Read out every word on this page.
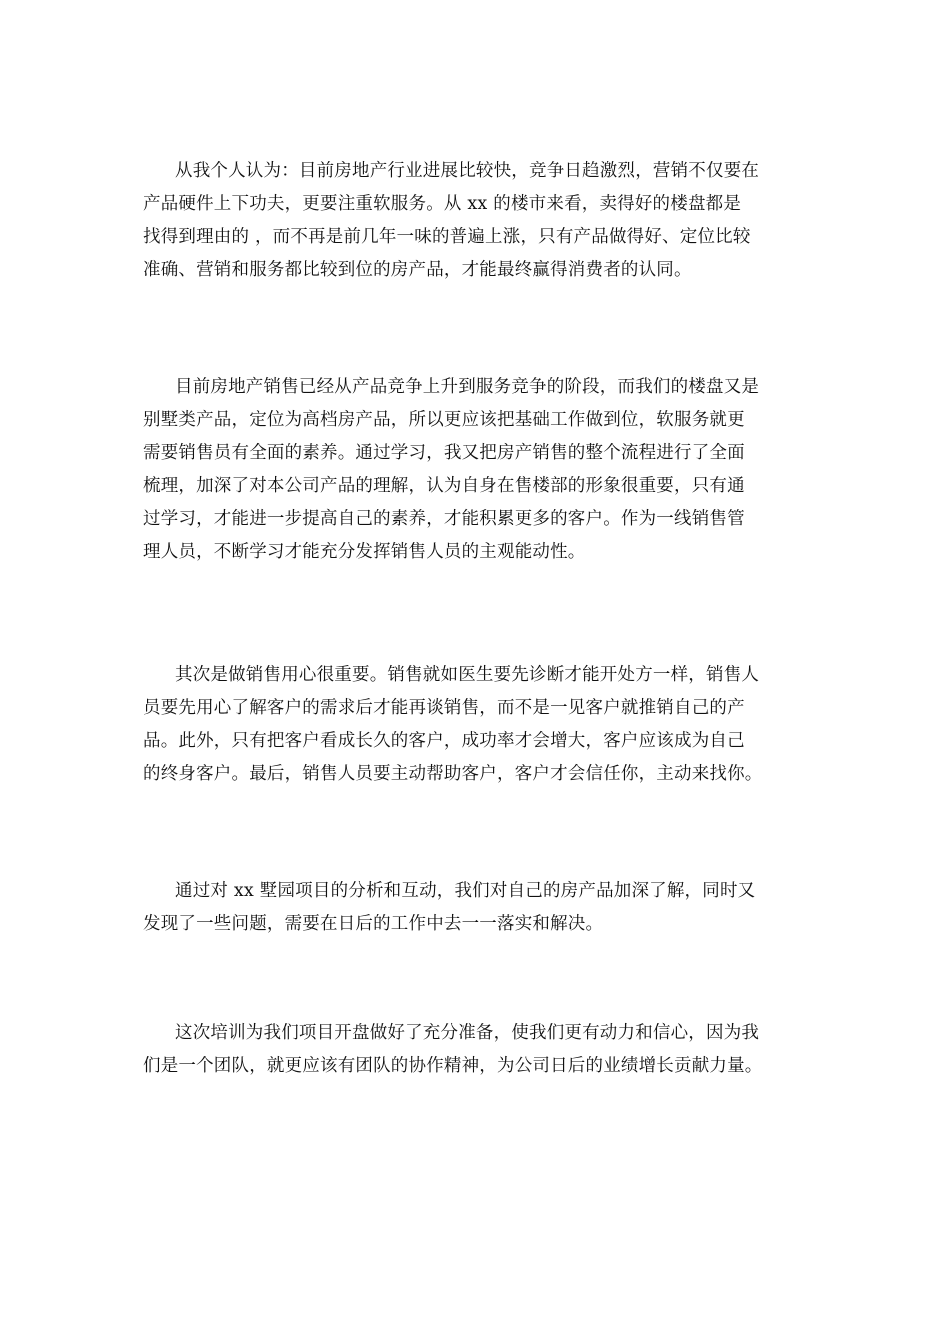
从我个人认为：目前房地产行业进展比较快，竞争日趋激烈，营销不仅要在
产品硬件上下功夫，更要注重软服务。从 xx 的楼市来看，卖得好的楼盘都是
找得到理由的 ，而不再是前几年一味的普遍上涨，只有产品做得好、定位比较
准确、营销和服务都比较到位的房产品，才能最终赢得消费者的认同。

目前房地产销售已经从产品竞争上升到服务竞争的阶段，而我们的楼盘又是
别墅类产品，定位为高档房产品，所以更应该把基础工作做到位，软服务就更
需要销售员有全面的素养。通过学习，我又把房产销售的整个流程进行了全面
梳理，加深了对本公司产品的理解，认为自身在售楼部的形象很重要，只有通
过学习，才能进一步提高自己的素养，才能积累更多的客户。作为一线销售管
理人员，不断学习才能充分发挥销售人员的主观能动性。

其次是做销售用心很重要。销售就如医生要先诊断才能开处方一样，销售人
员要先用心了解客户的需求后才能再谈销售，而不是一见客户就推销自己的产
品。此外，只有把客户看成长久的客户，成功率才会增大，客户应该成为自己
的终身客户。最后，销售人员要主动帮助客户，客户才会信任你，主动来找你。

通过对 xx 墅园项目的分析和互动，我们对自己的房产品加深了解，同时又
发现了一些问题，需要在日后的工作中去一一落实和解决。

这次培训为我们项目开盘做好了充分准备，使我们更有动力和信心，因为我
们是一个团队，就更应该有团队的协作精神，为公司日后的业绩增长贡献力量。
